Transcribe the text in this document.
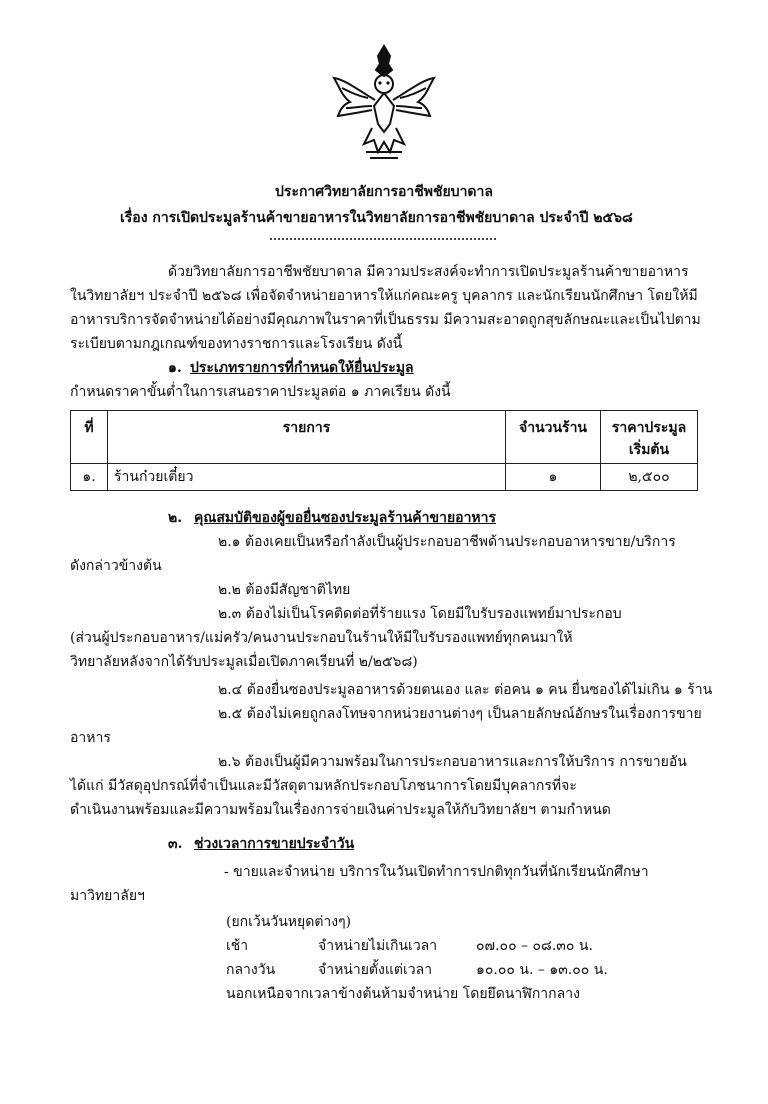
ประกาศวิทยาลัยการอาชีพชัยบาดาล
เรื่อง การเปิดประมูลร้านค้าขายอาหารในวิทยาลัยการอาชีพชัยบาดาล ประจำปี ๒๕๖๘
ด้วยวิทยาลัยการอาชีพชัยบาดาล มีความประสงค์จะทำการเปิดประมูลร้านค้าขายอาหาร
ในวิทยาลัยฯ ประจำปี ๒๕๖๘ เพื่อจัดจำหน่ายอาหารให้แก่คณะครู บุคลากร และนักเรียนนักศึกษา โดยให้มี
อาหารบริการจัดจำหน่ายได้อย่างมีคุณภาพในราคาที่เป็นธรรม มีความสะอาดถูกสุขลักษณะและเป็นไปตาม
ระเบียบตามกฎเกณฑ์ของทางราชการและโรงเรียน ดังนี้
๑. ประเภทรายการที่กำหนดให้ยื่นประมูล
กำหนดราคาขั้นต่ำในการเสนอราคาประมูลต่อ ๑ ภาคเรียน ดังนี้
ที่	รายการ	จำนวนร้าน	ราคาประมูล
เริ่มต้น

๑.	ร้านก๋วยเตี๋ยว	๑	๒,๕๐๐
๒. คุณสมบัติของผู้ขอยื่นซองประมูลร้านค้าขายอาหาร
๒.๑ ต้องเคยเป็นหรือกำลังเป็นผู้ประกอบอาชีพด้านประกอบอาหารขาย/บริการ
ดังกล่าวข้างต้น
๒.๒ ต้องมีสัญชาติไทย
๒.๓ ต้องไม่เป็นโรคติดต่อที่ร้ายแรง โดยมีใบรับรองแพทย์มาประกอบ
(ส่วนผู้ประกอบอาหาร/แม่ครัว/คนงานประกอบในร้านให้มีใบรับรองแพทย์ทุกคนมาให้
วิทยาลัยหลังจากได้รับประมูลเมื่อเปิดภาคเรียนที่ ๒/๒๕๖๘)
๒.๔ ต้องยื่นซองประมูลอาหารด้วยตนเอง และ ต่อคน ๑ คน ยื่นซองได้ไม่เกิน ๑ ร้าน
๒.๕ ต้องไม่เคยถูกลงโทษจากหน่วยงานต่างๆ เป็นลายลักษณ์อักษรในเรื่องการขาย
อาหาร
๒.๖ ต้องเป็นผู้มีความพร้อมในการประกอบอาหารและการให้บริการ การขายอัน
ได้แก่ มีวัสดุอุปกรณ์ที่จำเป็นและมีวัสดุตามหลักประกอบโภชนาการโดยมีบุคลากรที่จะ
ดำเนินงานพร้อมและมีความพร้อมในเรื่องการจ่ายเงินค่าประมูลให้กับวิทยาลัยฯ ตามกำหนด
๓. ช่วงเวลาการขายประจำวัน
- ขายและจำหน่าย บริการในวันเปิดทำการปกติทุกวันที่นักเรียนนักศึกษา
มาวิทยาลัยฯ
(ยกเว้นวันหยุดต่างๆ)
เช้า	จำหน่ายไม่เกินเวลา	๐๗.๐๐ – ๐๘.๓๐ น.
กลางวัน	จำหน่ายตั้งแต่เวลา	๑๐.๐๐ น. – ๑๓.๐๐ น.
นอกเหนือจากเวลาข้างต้นห้ามจำหน่าย โดยยึดนาฬิกากลาง
